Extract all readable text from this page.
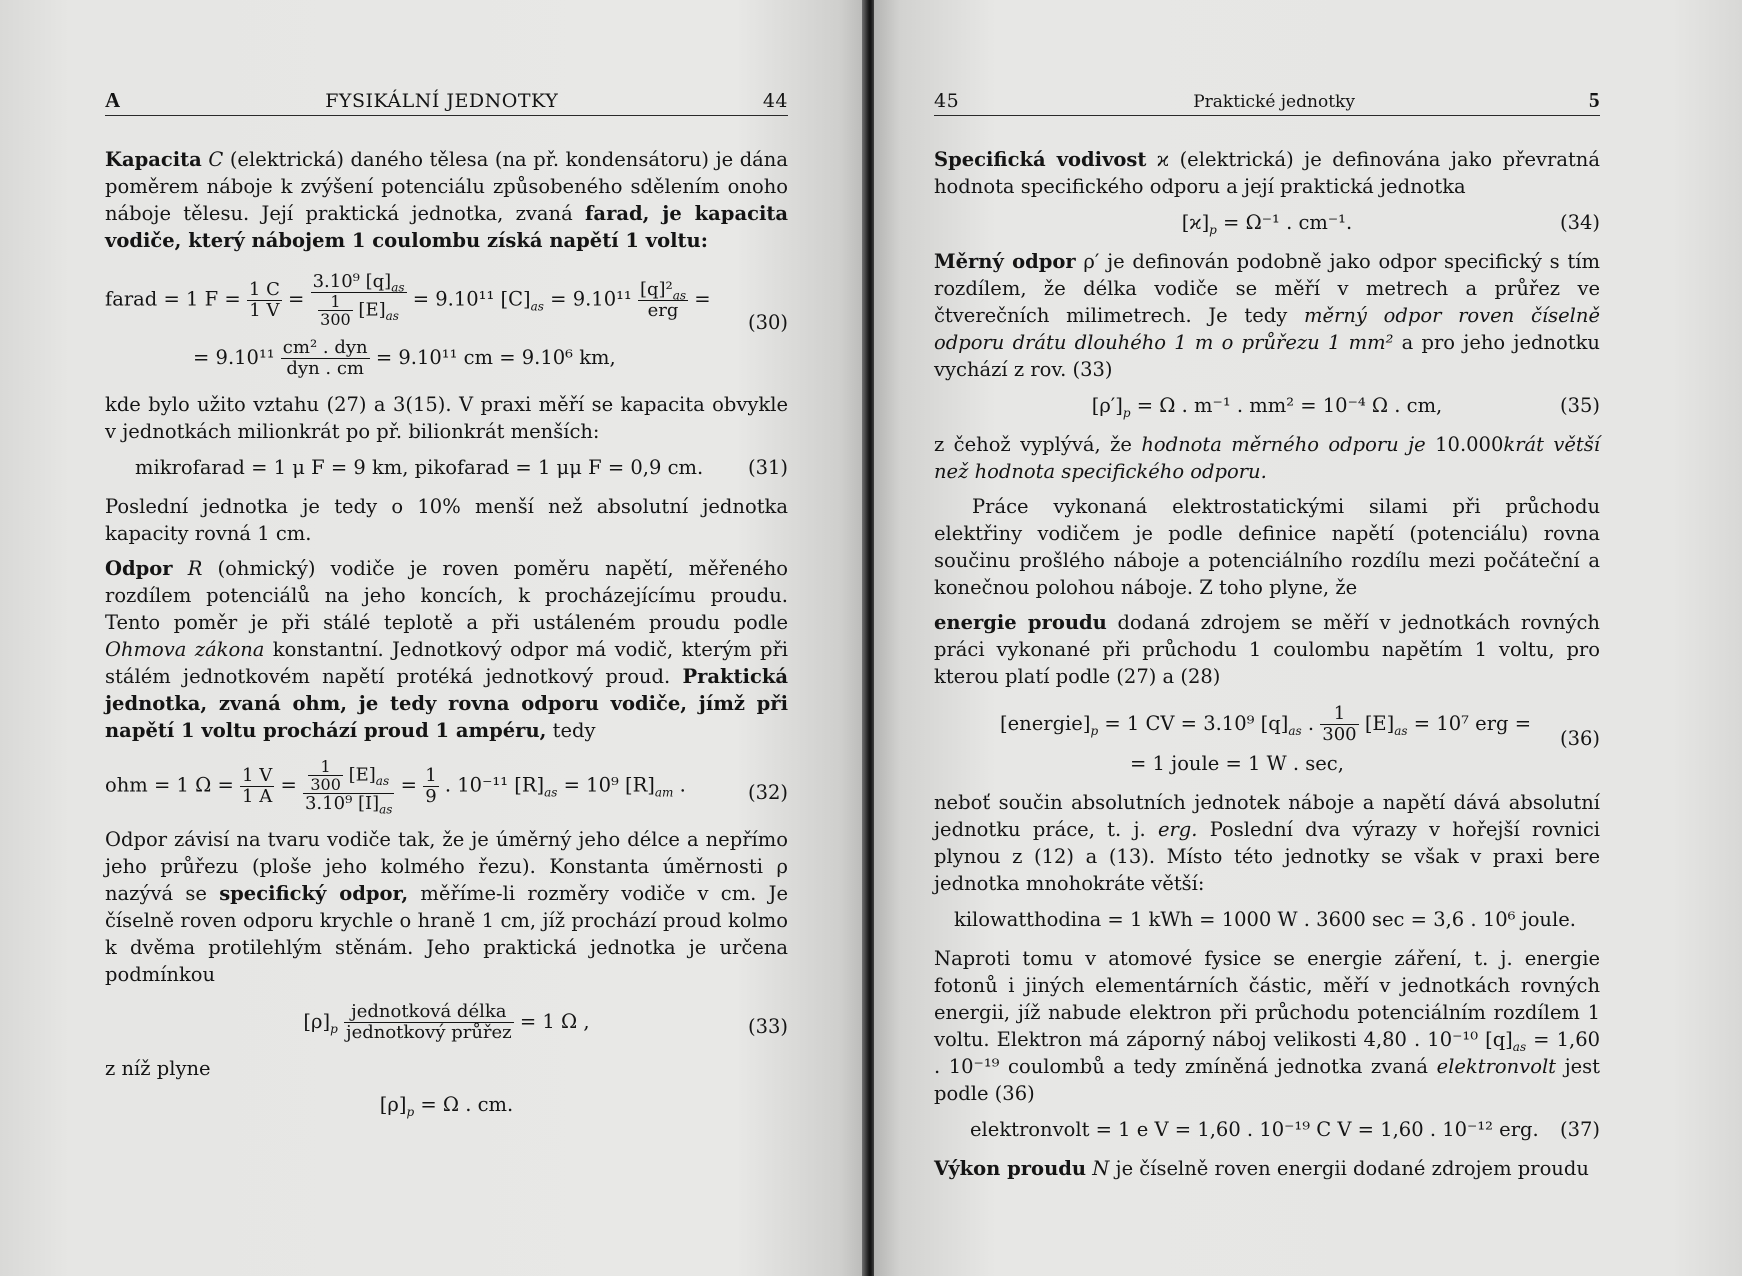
A	FYSIKÁLNÍ JEDNOTKY	44

Kapacita C (elektrická) daného tělesa (na př. kondensátoru) je dána poměrem náboje k zvýšení potenciálu způsobeného sdělením onoho náboje tělesu. Její praktická jednotka, zvaná farad, je kapacita vodiče, který nábojem 1 coulombu získá napětí 1 voltu:

farad = 1 $F = \frac{1 C}{1 V} = \frac{3.10^9 [q]_{as}}{\frac{1}{300} [E]_{as}} = 9.10^{11}$ $[C]_{as} = 9.10^{11} \frac{[q]^2_{as}}{\text{erg}}$ =
(30)
= $9.10^{11} \frac{\text{cm² . dyn}}{\text{dyn . cm}} = 9.10^{11}$ cm = 9.10⁶ km,

kde bylo užito vztahu (27) a 3(15). V praxi měří se kapacita obvykle v jednotkách milionkrát po př. bilionkrát menších:

mikrofarad = 1 μ F = 9 km, pikofarad = 1 μμ F = 0,9 cm. (31)

Poslední jednotka je tedy o 10% menší než absolutní jednotka kapacity rovná 1 cm.

Odpor R (ohmický) vodiče je roven poměru napětí, měřeného rozdílem potenciálů na jeho koncích, k procházejícímu proudu. Tento poměr je při stálé teplotě a při ustáleném proudu podle Ohmova zákona konstantní. Jednotkový odpor má vodič, kterým při stálém jednotkovém napětí protéká jednotkový proud. Praktická jednotka, zvaná ohm, je tedy rovna odporu vodiče, jímž při napětí 1 voltu prochází proud 1 ampéru, tedy

ohm = 1 $\Omega = \frac{1 V}{1 A} = \frac{\frac{1}{300} [E]_{as}}{3.10^9 [I]_{as}} = \frac{1}{9}$ . 10⁻¹¹ $[R]_{as} = 10^9$ $[R]_{am}$ .	(32)

Odpor závisí na tvaru vodiče tak, že je úměrný jeho délce a nepřímo jeho průřezu (ploše jeho kolmého řezu). Konstanta úměrnosti ρ nazývá se specifický odpor, měříme-li rozměry vodiče v cm. Je číselně roven odporu krychle o hraně 1 cm, jíž prochází proud kolmo k dvěma protilehlým stěnám. Jeho praktická jednotka je určena podmínkou

$[\rho]_p \frac{\text{jednotková délka}}{\text{jednotkový průřez}} = 1$ Ω ,	(33)

z níž plyne

$[\rho]_p = \Omega$ . cm.
45	Praktické jednotky	5

Specifická vodivost ϰ (elektrická) je definována jako převratná hodnota specifického odporu a její praktická jednotka

$[ϰ]_p = \Omega^{-1}$ . cm⁻¹.	(34)

Měrný odpor ρ′ je definován podobně jako odpor specifický s tím rozdílem, že délka vodiče se měří v metrech a průřez ve čtverečních milimetrech. Je tedy měrný odpor roven číselně odporu drátu dlouhého 1 m o průřezu 1 mm² a pro jeho jednotku vychází z rov. (33)

$[\rho']_p = \Omega$ . m⁻¹ . mm² = 10⁻⁴ Ω . cm,	(35)

z čehož vyplývá, že hodnota měrného odporu je 10.000krát větší než hodnota specifického odporu.

Práce vykonaná elektrostatickými silami při průchodu elektřiny vodičem je podle definice napětí (potenciálu) rovna součinu prošlého náboje a potenciálního rozdílu mezi počáteční a konečnou polohou náboje. Z toho plyne, že

energie proudu dodaná zdrojem se měří v jednotkách rovných práci vykonané při průchodu 1 coulombu napětím 1 voltu, pro kterou platí podle (27) a (28)

$[energie]_p = 1$ CV = 3.10⁹ $[q]_{as}$ . $\frac{1}{300} [E]_{as} = 10^7$ erg =
= 1 joule = 1 W . sec,
(36)

neboť součin absolutních jednotek náboje a napětí dává absolutní jednotku práce, t. j. erg. Poslední dva výrazy v hořejší rovnici plynou z (12) a (13). Místo této jednotky se však v praxi bere jednotka mnohokráte větší:

kilowatthodina = 1 kWh = 1000 W . 3600 sec = 3,6 . 10⁶ joule.

Naproti tomu v atomové fysice se energie záření, t. j. energie fotonů i jiných elementárních částic, měří v jednotkách rovných energii, jíž nabude elektron při průchodu potenciálním rozdílem 1 voltu. Elektron má záporný náboj velikosti 4,80 . 10⁻¹⁰ $[q]_{as} = 1,60$ . 10⁻¹⁹ coulombů a tedy zmíněná jednotka zvaná elektronvolt jest podle (36)

elektronvolt = 1 e V = 1,60 . 10⁻¹⁹ C V = 1,60 . 10⁻¹² erg. (37)

Výkon proudu N je číselně roven energii dodané zdrojem proudu
